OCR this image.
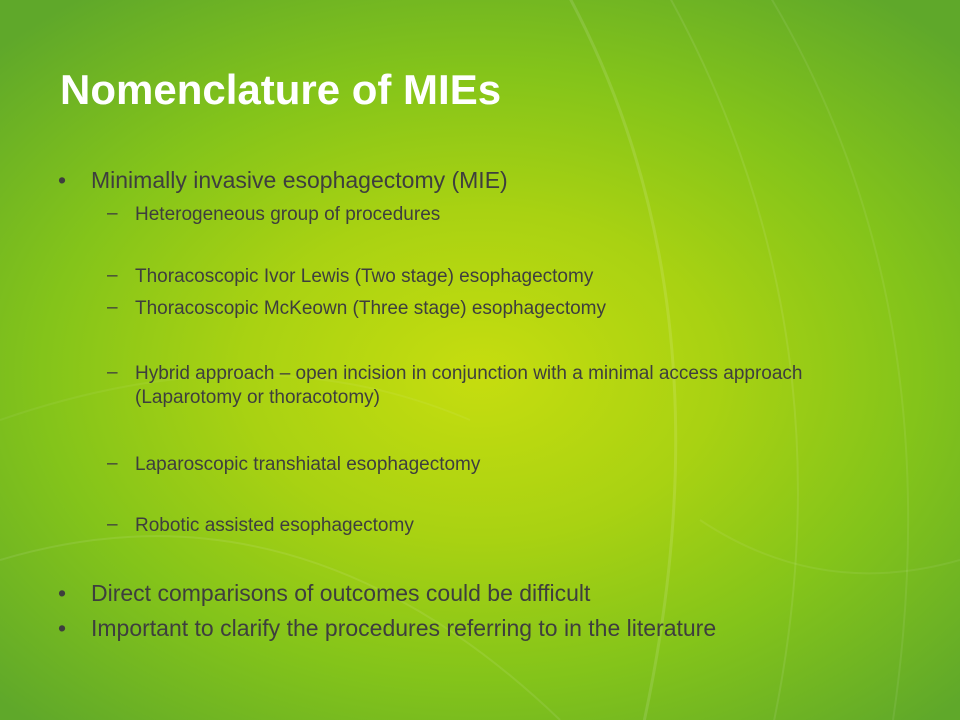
Nomenclature of MIEs
• Minimally invasive esophagectomy (MIE)
– Heterogeneous group of procedures
– Thoracoscopic Ivor Lewis (Two stage) esophagectomy
– Thoracoscopic McKeown (Three stage) esophagectomy
– Hybrid approach – open incision in conjunction with a minimal access approach (Laparotomy or thoracotomy)
– Laparoscopic transhiatal esophagectomy
– Robotic assisted esophagectomy
• Direct comparisons of outcomes could be difficult
• Important to clarify the procedures referring to in the literature
